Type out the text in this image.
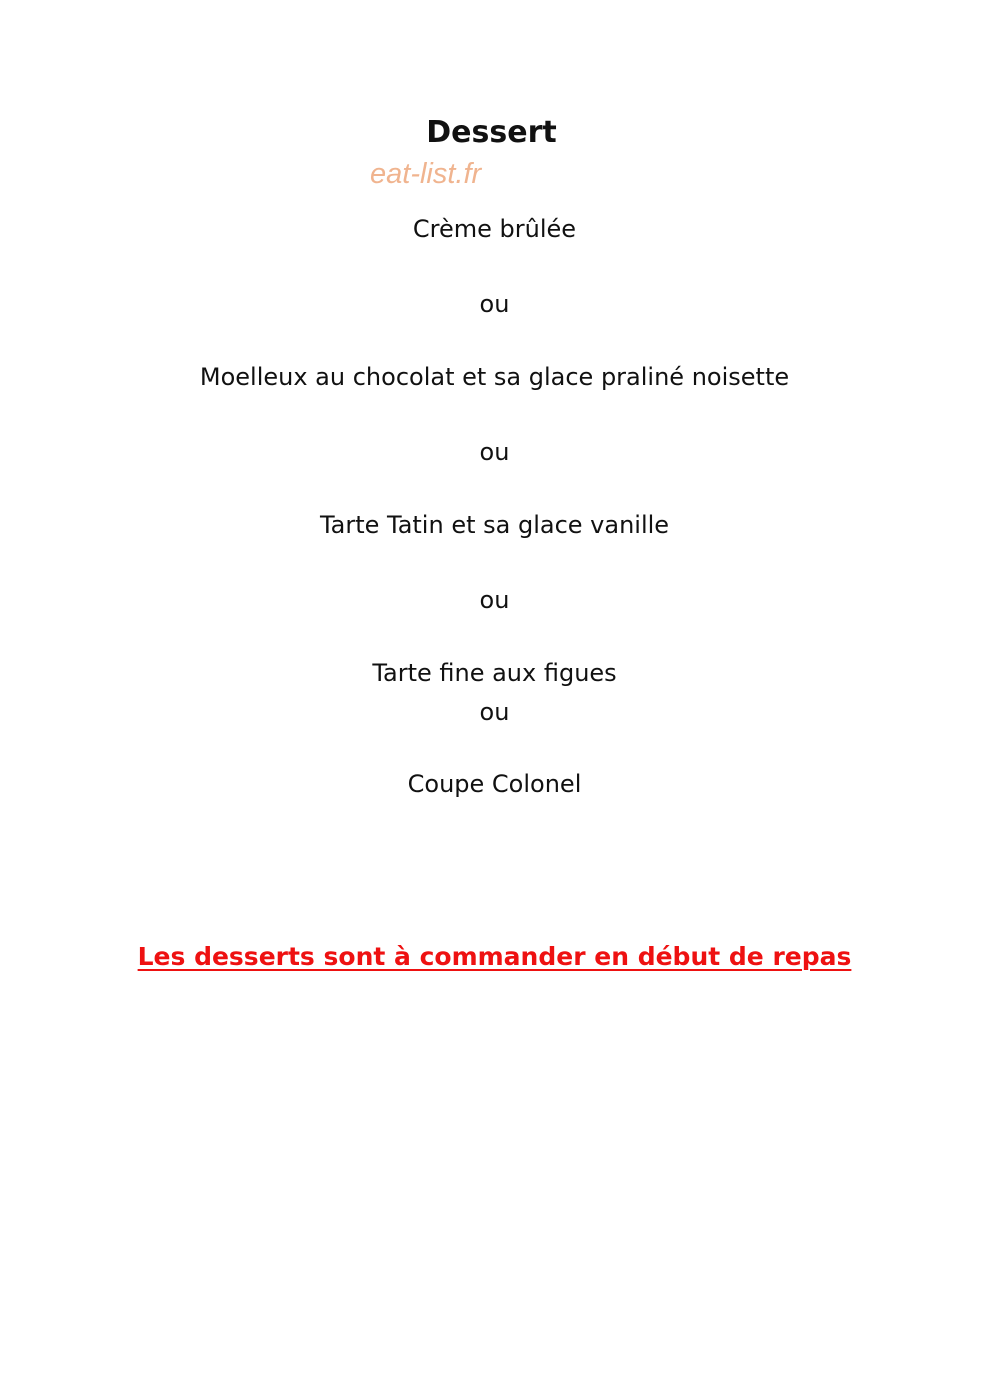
Dessert
eat-list.fr
Crème brûlée
ou
Moelleux au chocolat et sa glace praliné noisette
ou
Tarte Tatin et sa glace vanille
ou
Tarte fine aux figues
ou
Coupe Colonel
Les desserts sont à commander en début de repas
